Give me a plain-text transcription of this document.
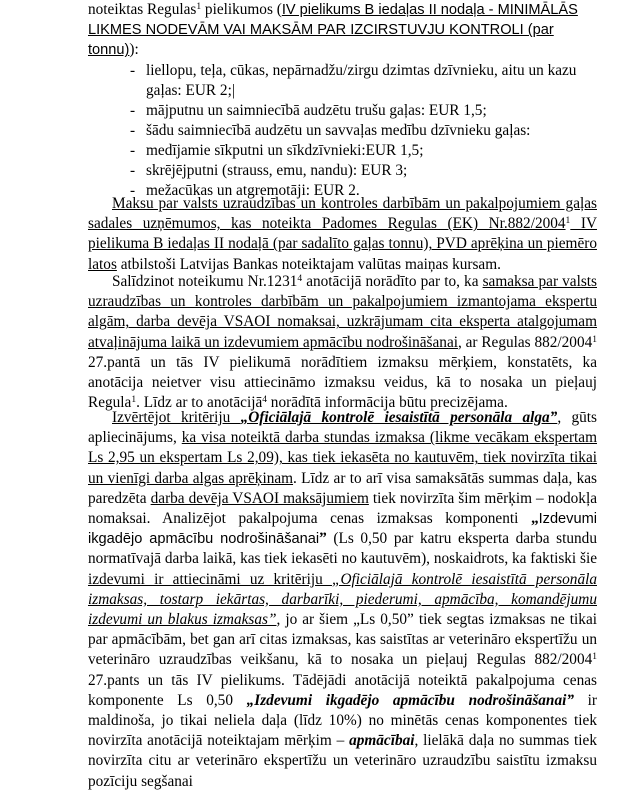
noteiktas Regulas$^1$ pielikumos (IV pielikums B iedaļas II nodaļa - MINIMĀLĀS LIKMES NODEVĀM VAI MAKSĀM PAR IZCIRSTUVJU KONTROLI (par tonnu)):

- liellopu, teļa, cūkas, nepārnadžu/zirgu dzimtas dzīvnieku, aitu un kazu gaļas: EUR 2;|
- mājputnu un saimniecībā audzētu trušu gaļas: EUR 1,5;
- šādu saimniecībā audzētu un savvaļas medību dzīvnieku gaļas:
- medījamie sīkputni un sīkdzīvnieki:EUR 1,5;
- skrējējputni (strauss, emu, nandu): EUR 3;
- mežacūkas un atgremotāji: EUR 2.

Maksu par valsts uzraudzības un kontroles darbībām un pakalpojumiem gaļas sadales uzņēmumos, kas noteikta Padomes Regulas (EK) Nr.882/2004$^1$ IV pielikuma B iedaļas II nodaļā (par sadalīto gaļas tonnu), PVD aprēķina un piemēro latos atbilstoši Latvijas Bankas noteiktajam valūtas maiņas kursam.

Salīdzinot noteikumu Nr.1231$^4$ anotācijā norādīto par to, ka samaksa par valsts uzraudzības un kontroles darbībām un pakalpojumiem izmantojama ekspertu algām, darba devēja VSAOI nomaksai, uzkrājumam cita eksperta atalgojumam atvaļinājuma laikā un izdevumiem apmācību nodrošināšanai, ar Regulas 882/2004$^1$ 27.pantā un tās IV pielikumā norādītiem izmaksu mērķiem, konstatēts, ka anotācija neietver visu attiecināmo izmaksu veidus, kā to nosaka un pieļauj Regula$^1$. Līdz ar to anotācijā$^4$ norādītā informācija būtu precizējama.

Izvērtējot kritēriju „Oficiālajā kontrolē iesaistītā personāla alga”, gūts apliecinājums, ka visa noteiktā darba stundas izmaksa (likme vecākam ekspertam Ls 2,95 un ekspertam Ls 2,09), kas tiek iekasēta no kautuvēm, tiek novirzīta tikai un vienīgi darba algas aprēķinam. Līdz ar to arī visa samaksātās summas daļa, kas paredzēta darba devēja VSAOI maksājumiem tiek novirzīta šim mērķim – nodokļa nomaksai. Analizējot pakalpojuma cenas izmaksas komponenti „Izdevumi ikgadējo apmācību nodrošināšanai” (Ls 0,50 par katru eksperta darba stundu normatīvajā darba laikā, kas tiek iekasēti no kautuvēm), noskaidrots, ka faktiski šie izdevumi ir attiecināmi uz kritēriju „Oficiālajā kontrolē iesaistītā personāla izmaksas, tostarp iekārtas, darbarīki, piederumi, apmācība, komandējumu izdevumi un blakus izmaksas”, jo ar šiem „Ls 0,50” tiek segtas izmaksas ne tikai par apmācībām, bet gan arī citas izmaksas, kas saistītas ar veterināro ekspertīžu un veterināro uzraudzības veikšanu, kā to nosaka un pieļauj Regulas 882/2004$^1$ 27.pants un tās IV pielikums. Tādējādi anotācijā noteiktā pakalpojuma cenas komponente Ls 0,50 „Izdevumi ikgadējo apmācību nodrošināšanai” ir maldinoša, jo tikai neliela daļa (līdz 10%) no minētās cenas komponentes tiek novirzīta anotācijā noteiktajam mērķim – apmācībai, lielākā daļa no summas tiek novirzīta citu ar veterināro ekspertīžu un veterināro uzraudzību saistītu izmaksu pozīciju segšanai
